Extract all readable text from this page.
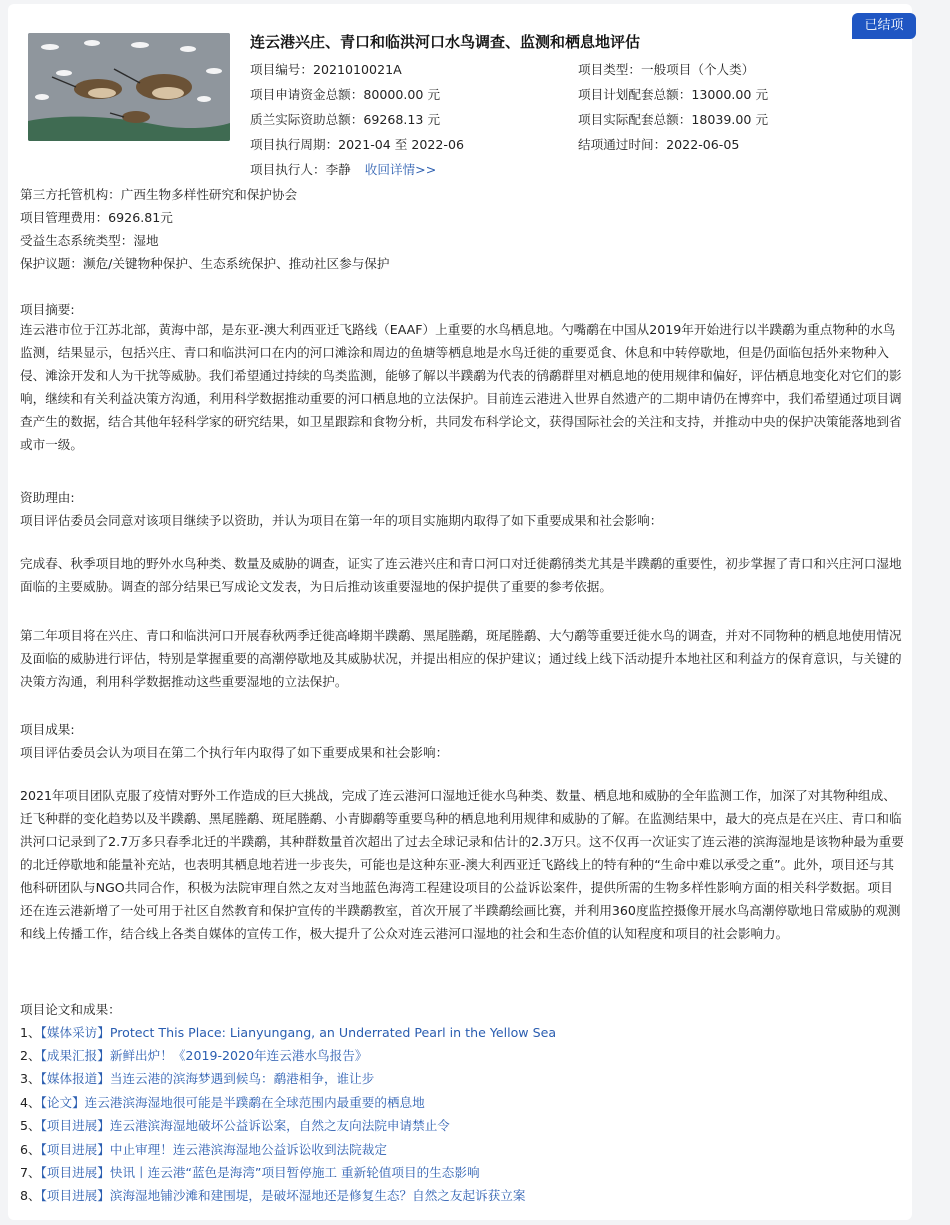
已结项
连云港兴庄、青口和临洪河口水鸟调查、监测和栖息地评估
项目编号：2021010021A	项目类型：一般项目（个人类）
项目申请资金总额：80000.00 元	项目计划配套总额：13000.00 元
质兰实际资助总额：69268.13 元	项目实际配套总额：18039.00 元
项目执行周期：2021-04 至 2022-06	结项通过时间：2022-06-05
项目执行人：李静 收回详情>>
第三方托管机构：广西生物多样性研究和保护协会
项目管理费用：6926.81元
受益生态系统类型：湿地
保护议题：濒危/关键物种保护、生态系统保护、推动社区参与保护
项目摘要:

连云港市位于江苏北部，黄海中部，是东亚-澳大利西亚迁飞路线（EAAF）上重要的水鸟栖息地。勺嘴鹬在中国从2019年开始进行以半蹼鹬为重点物种的水鸟监测，结果显示，包括兴庄、青口和临洪河口在内的河口滩涂和周边的鱼塘等栖息地是水鸟迁徙的重要觅食、休息和中转停歇地，但是仍面临包括外来物种入侵、滩涂开发和人为干扰等威胁。我们希望通过持续的鸟类监测，能够了解以半蹼鹬为代表的鸻鹬群里对栖息地的使用规律和偏好，评估栖息地变化对它们的影响，继续和有关利益决策方沟通，利用科学数据推动重要的河口栖息地的立法保护。目前连云港进入世界自然遗产的二期申请仍在博弈中，我们希望通过项目调查产生的数据，结合其他年轻科学家的研究结果，如卫星跟踪和食物分析，共同发布科学论文，获得国际社会的关注和支持，并推动中央的保护决策能落地到省或市一级。

资助理由:
项目评估委员会同意对该项目继续予以资助，并认为项目在第一年的项目实施期内取得了如下重要成果和社会影响：

完成春、秋季项目地的野外水鸟种类、数量及威胁的调查，证实了连云港兴庄和青口河口对迁徙鹬鸻类尤其是半蹼鹬的重要性，初步掌握了青口和兴庄河口湿地面临的主要威胁。调查的部分结果已写成论文发表，为日后推动该重要湿地的保护提供了重要的参考依据。

第二年项目将在兴庄、青口和临洪河口开展春秋两季迁徙高峰期半蹼鹬、黑尾塍鹬，斑尾塍鹬、大勺鹬等重要迁徙水鸟的调查，并对不同物种的栖息地使用情况及面临的威胁进行评估，特别是掌握重要的高潮停歇地及其威胁状况，并提出相应的保护建议；通过线上线下活动提升本地社区和利益方的保育意识，与关键的决策方沟通，利用科学数据推动这些重要湿地的立法保护。

项目成果:
项目评估委员会认为项目在第二个执行年内取得了如下重要成果和社会影响：

2021年项目团队克服了疫情对野外工作造成的巨大挑战，完成了连云港河口湿地迁徙水鸟种类、数量、栖息地和威胁的全年监测工作，加深了对其物种组成、迁飞种群的变化趋势以及半蹼鹬、黑尾塍鹬、斑尾塍鹬、小青脚鹬等重要鸟种的栖息地利用规律和威胁的了解。在监测结果中，最大的亮点是在兴庄、青口和临洪河口记录到了2.7万多只春季北迁的半蹼鹬，其种群数量首次超出了过去全球记录和估计的2.3万只。这不仅再一次证实了连云港的滨海湿地是该物种最为重要的北迁停歇地和能量补充站，也表明其栖息地若进一步丧失，可能也是这种东亚-澳大利西亚迁飞路线上的特有种的“生命中难以承受之重”。此外，项目还与其他科研团队与NGO共同合作，积极为法院审理自然之友对当地蓝色海湾工程建设项目的公益诉讼案件，提供所需的生物多样性影响方面的相关科学数据。项目还在连云港新增了一处可用于社区自然教育和保护宣传的半蹼鹬教室，首次开展了半蹼鹬绘画比赛，并利用360度监控摄像开展水鸟高潮停歇地日常威胁的观测和线上传播工作，结合线上各类自媒体的宣传工作，极大提升了公众对连云港河口湿地的社会和生态价值的认知程度和项目的社会影响力。

项目论文和成果：
1、【媒体采访】Protect This Place: Lianyungang, an Underrated Pearl in the Yellow Sea
2、【成果汇报】新鲜出炉！《2019-2020年连云港水鸟报告》
3、【媒体报道】当连云港的滨海梦遇到候鸟：鹬港相争，谁让步
4、【论文】连云港滨海湿地很可能是半蹼鹬在全球范围内最重要的栖息地
5、【项目进展】连云港滨海湿地破坏公益诉讼案，自然之友向法院申请禁止令
6、【项目进展】中止审理！连云港滨海湿地公益诉讼收到法院裁定
7、【项目进展】快讯丨连云港“蓝色是海湾”项目暂停施工 重新轮值项目的生态影响
8、【项目进展】滨海湿地铺沙滩和建围堤，是破坏湿地还是修复生态？自然之友起诉获立案
